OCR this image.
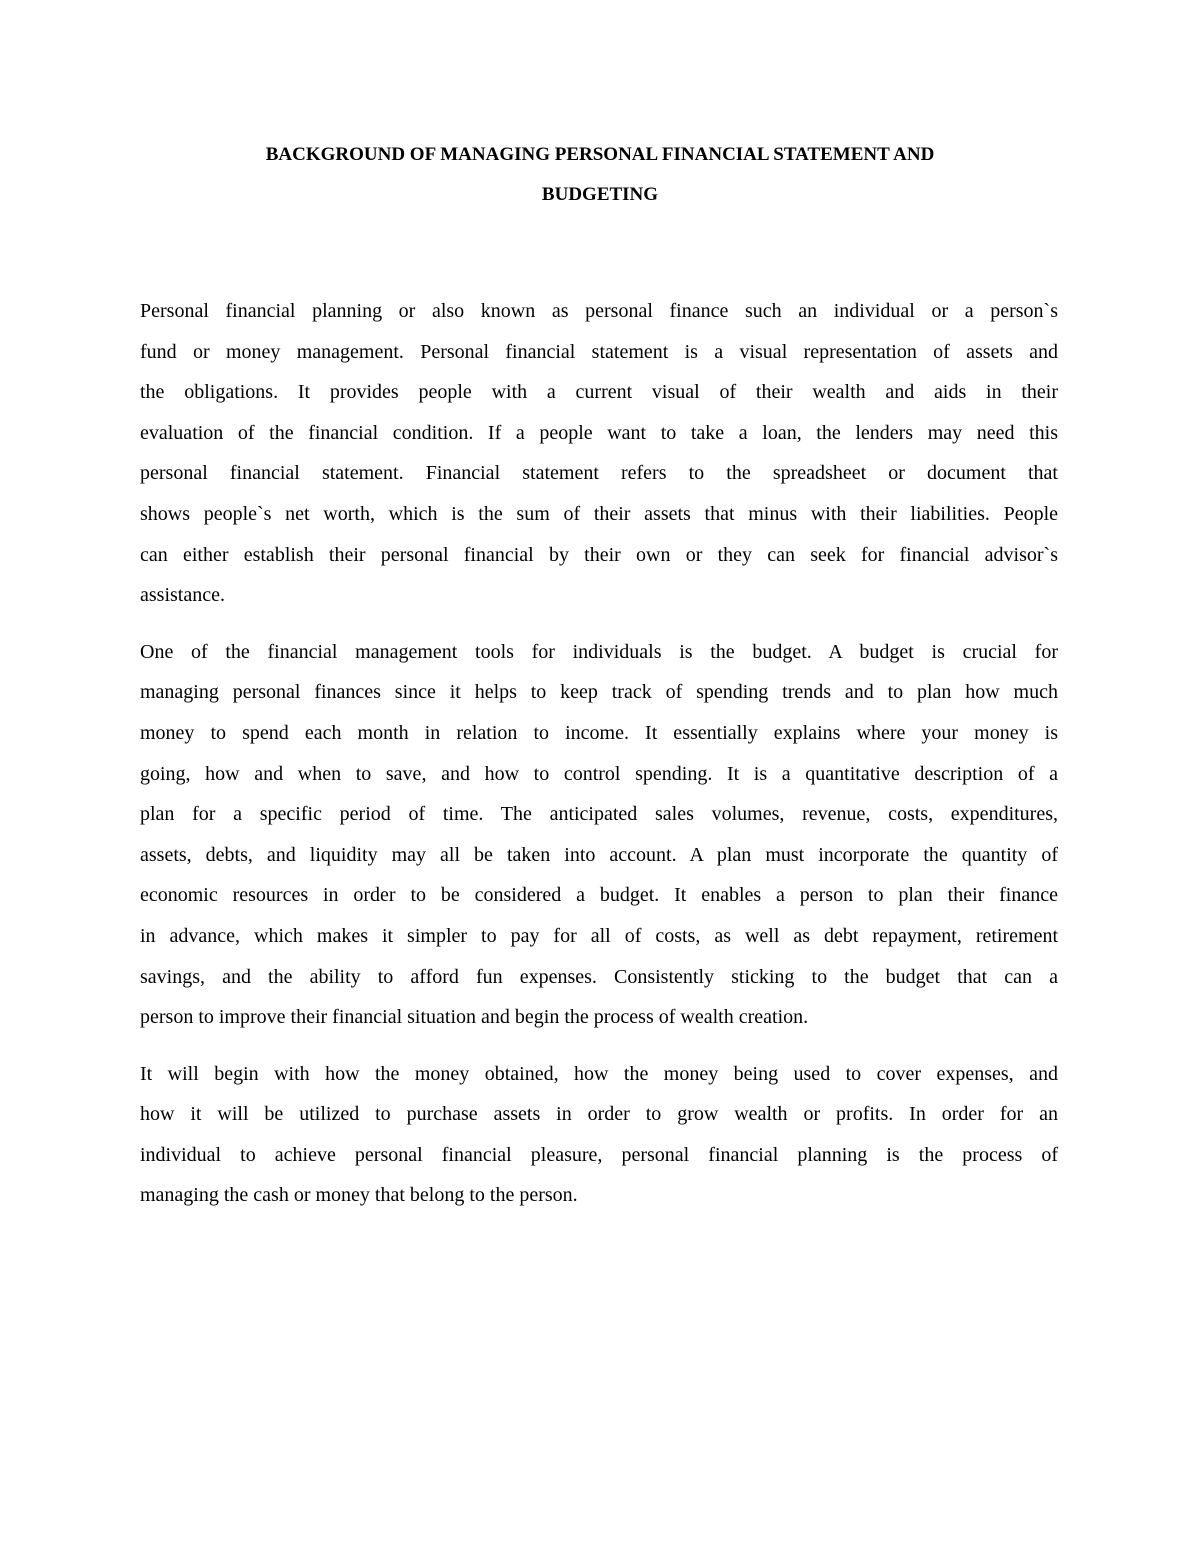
BACKGROUND OF MANAGING PERSONAL FINANCIAL STATEMENT AND
BUDGETING

Personal financial planning or also known as personal finance such an individual or a person`s
fund or money management. Personal financial statement is a visual representation of assets and
the obligations. It provides people with a current visual of their wealth and aids in their
evaluation of the financial condition. If a people want to take a loan, the lenders may need this
personal financial statement. Financial statement refers to the spreadsheet or document that
shows people`s net worth, which is the sum of their assets that minus with their liabilities. People
can either establish their personal financial by their own or they can seek for financial advisor`s
assistance.

One of the financial management tools for individuals is the budget. A budget is crucial for
managing personal finances since it helps to keep track of spending trends and to plan how much
money to spend each month in relation to income. It essentially explains where your money is
going, how and when to save, and how to control spending. It is a quantitative description of a
plan for a specific period of time. The anticipated sales volumes, revenue, costs, expenditures,
assets, debts, and liquidity may all be taken into account. A plan must incorporate the quantity of
economic resources in order to be considered a budget. It enables a person to plan their finance
in advance, which makes it simpler to pay for all of costs, as well as debt repayment, retirement
savings, and the ability to afford fun expenses. Consistently sticking to the budget that can a
person to improve their financial situation and begin the process of wealth creation.

It will begin with how the money obtained, how the money being used to cover expenses, and
how it will be utilized to purchase assets in order to grow wealth or profits. In order for an
individual to achieve personal financial pleasure, personal financial planning is the process of
managing the cash or money that belong to the person.
